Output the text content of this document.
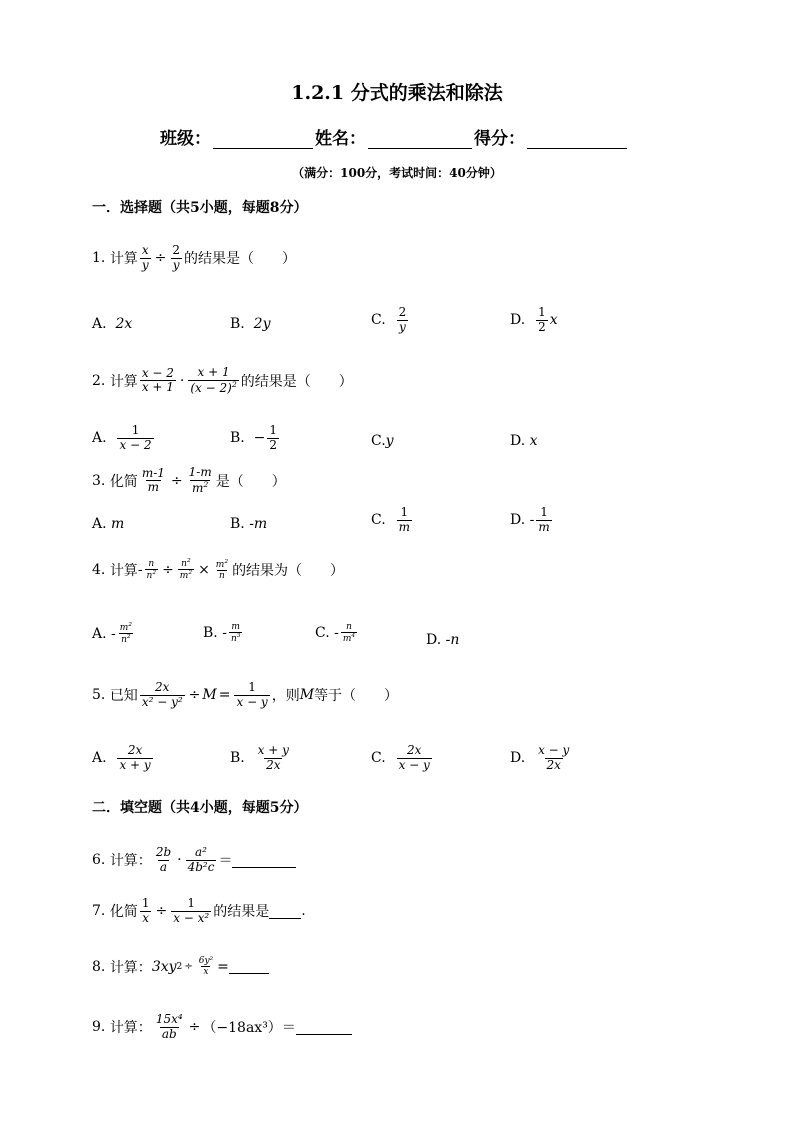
1.2.1 分式的乘法和除法
班级：	姓名：	得分：
（满分：100分，考试时间：40分钟）
一．选择题（共5小题，每题8分）
1.
计算 $\frac{x}{y} \div \frac{2}{y}$ 的结果是（　　）
A.
2x	B.
2y	C.
$\frac{2}{y}$	D.
$\frac{1}{2}$ x
2.
计算 $\frac{x - 2}{x + 1} \cdot \frac{x + 1}{(x - 2)^2}$ 的结果是（　　）
A.
$\frac{1}{x - 2}$	B.
− $\frac{1}{2}$	C. y	D.
x
3.
化简 $\frac{m-1}{m} \div \frac{1-m}{m^2}$ 是（　　）
A.
m	B.
-m	C.
$\frac{1}{m}$	D.
- $\frac{1}{m}$
4.
计算 - $\frac{n}{n^2} \div \frac{n^2}{m^2} \times \frac{m^2}{n}$ 的结果为（　　）
A.
- $\frac{m^2}{n^2}$	B.
- $\frac{m}{n^3}$	C.
- $\frac{n}{m^4}$	D.
-n
5.
已知 $\frac{2x}{\text{x² − y²}} \div M = \frac{1}{x - y}$ ，则 M 等于（　　）
A.
$\frac{2x}{x + y}$	B.
$\frac{x + y}{2x}$	C.
$\frac{2x}{x - y}$	D.
$\frac{x - y}{2x}$
二．填空题（共4小题，每题5分）
6.
计算： $\frac{2b}{a} \cdot \frac{\text{a²}}{\text{4b²c}}$ ＝
7.
化简 $\frac{1}{x} \div \frac{1}{\text{x − x²}}$ 的结果是 .
8.
计算： 3xy $2 \div \frac{\text{6y²}}{x}$ =
9.
计算： $\frac{\text{15x⁴}}{ab} \div (-18ax^3)$ ＝
